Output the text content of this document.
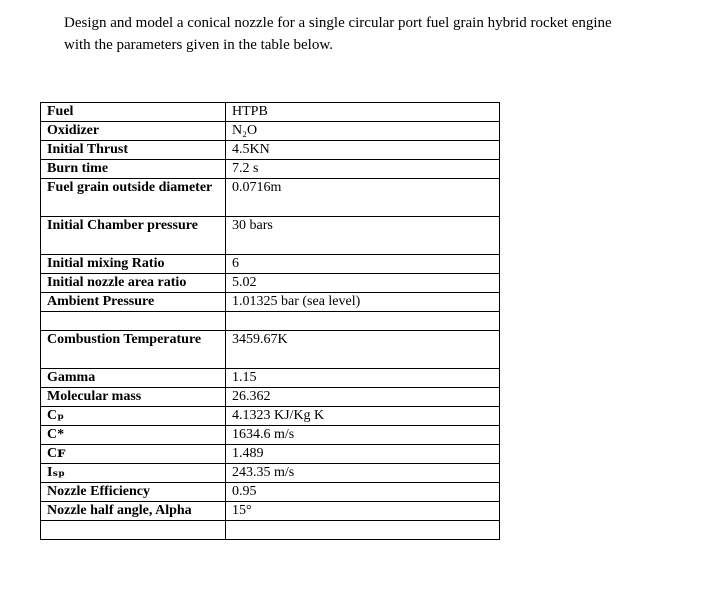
Design and model a conical nozzle for a single circular port fuel grain hybrid rocket engine
with the parameters given in the table below.

Fuel	HTPB
Oxidizer	N₂O
Initial Thrust	4.5KN
Burn time	7.2 s
Fuel grain outside diameter	0.0716m
Initial Chamber pressure	30 bars
Initial mixing Ratio	6
Initial nozzle area ratio	5.02
Ambient Pressure	1.01325 bar (sea level)

Combustion Temperature	3459.67K
Gamma	1.15
Molecular mass	26.362
Cₚ	4.1323 KJ/Kg K
C*	1634.6 m/s
Cꜰ	1.489
Iₛₚ	243.35 m/s
Nozzle Efficiency	0.95
Nozzle half angle, Alpha	15°
